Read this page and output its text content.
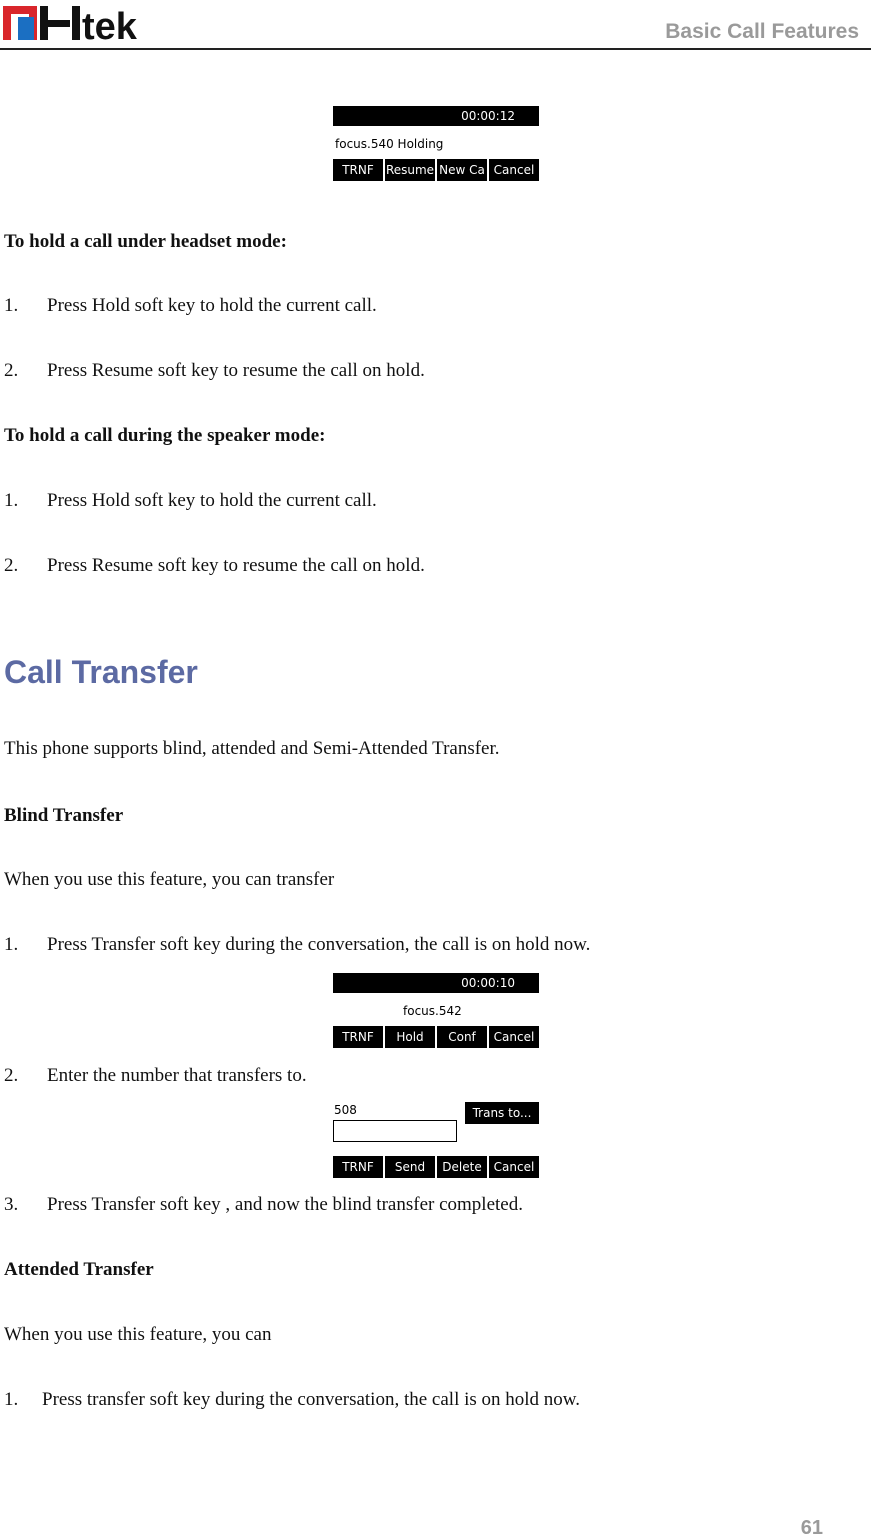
tek	Basic Call Features
00:00:12
focus.540 Holding
TRNF	Resume New Ca Cancel
To hold a call under headset mode:
1. Press Hold soft key to hold the current call.
2. Press Resume soft key to resume the call on hold.
To hold a call during the speaker mode:
1. Press Hold soft key to hold the current call.
2. Press Resume soft key to resume the call on hold.
Call Transfer
This phone supports blind, attended and Semi-Attended Transfer.
Blind Transfer
When you use this feature, you can transfer
1. Press Transfer soft key during the conversation, the call is on hold now.
00:00:10
focus.542
TRNF	Hold	Conf	Cancel
2. Enter the number that transfers to.
508	Trans to...
TRNF	Send	Delete Cancel
3. Press Transfer soft key , and now the blind transfer completed.
Attended Transfer
When you use this feature, you can
1. Press transfer soft key during the conversation, the call is on hold now.
61
